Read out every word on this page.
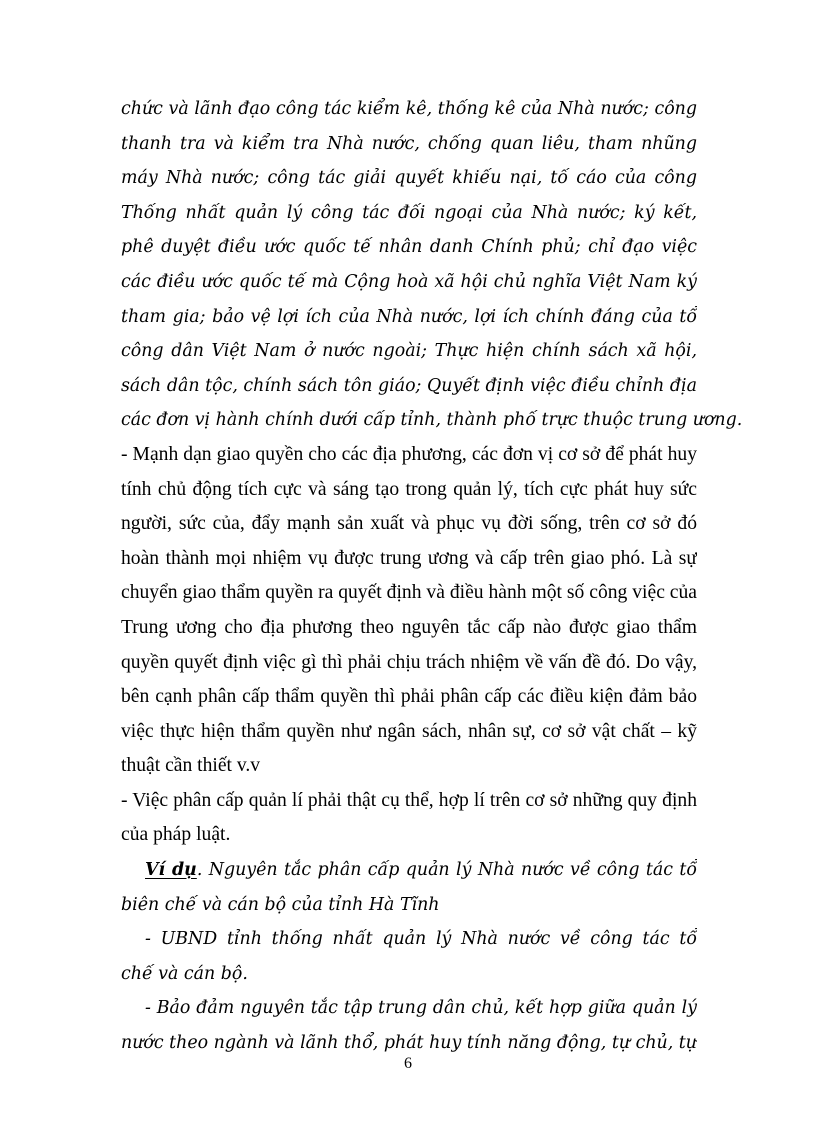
chức và lãnh đạo công tác kiểm kê, thống kê của Nhà nước; công
thanh tra và kiểm tra Nhà nước, chống quan liêu, tham nhũng
máy Nhà nước; công tác giải quyết khiếu nại, tố cáo của công
Thống nhất quản lý công tác đối ngoại của Nhà nước; ký kết,
phê duyệt điều ước quốc tế nhân danh Chính phủ; chỉ đạo việc
các điều ước quốc tế mà Cộng hoà xã hội chủ nghĩa Việt Nam ký
tham gia; bảo vệ lợi ích của Nhà nước, lợi ích chính đáng của tổ
công dân Việt Nam ở nước ngoài; Thực hiện chính sách xã hội,
sách dân tộc, chính sách tôn giáo; Quyết định việc điều chỉnh địa
các đơn vị hành chính dưới cấp tỉnh, thành phố trực thuộc trung ương.
- Mạnh dạn giao quyền cho các địa phương, các đơn vị cơ sở để phát huy
tính chủ động tích cực và sáng tạo trong quản lý, tích cực phát huy sức
người, sức của, đẩy mạnh sản xuất và phục vụ đời sống, trên cơ sở đó
hoàn thành mọi nhiệm vụ được trung ương và cấp trên giao phó. Là sự
chuyển giao thẩm quyền ra quyết định và điều hành một số công việc của
Trung ương cho địa phương theo nguyên tắc cấp nào được giao thẩm
quyền quyết định việc gì thì phải chịu trách nhiệm về vấn đề đó. Do vậy,
bên cạnh phân cấp thẩm quyền thì phải phân cấp các điều kiện đảm bảo
việc thực hiện thẩm quyền như ngân sách, nhân sự, cơ sở vật chất – kỹ
thuật cần thiết v.v
- Việc phân cấp quản lí phải thật cụ thể, hợp lí trên cơ sở những quy định
của pháp luật.
Ví dụ. Nguyên tắc phân cấp quản lý Nhà nước về công tác tổ
biên chế và cán bộ của tỉnh Hà Tĩnh
- UBND tỉnh thống nhất quản lý Nhà nước về công tác tổ
chế và cán bộ.
- Bảo đảm nguyên tắc tập trung dân chủ, kết hợp giữa quản lý
nước theo ngành và lãnh thổ, phát huy tính năng động, tự chủ, tự
6
